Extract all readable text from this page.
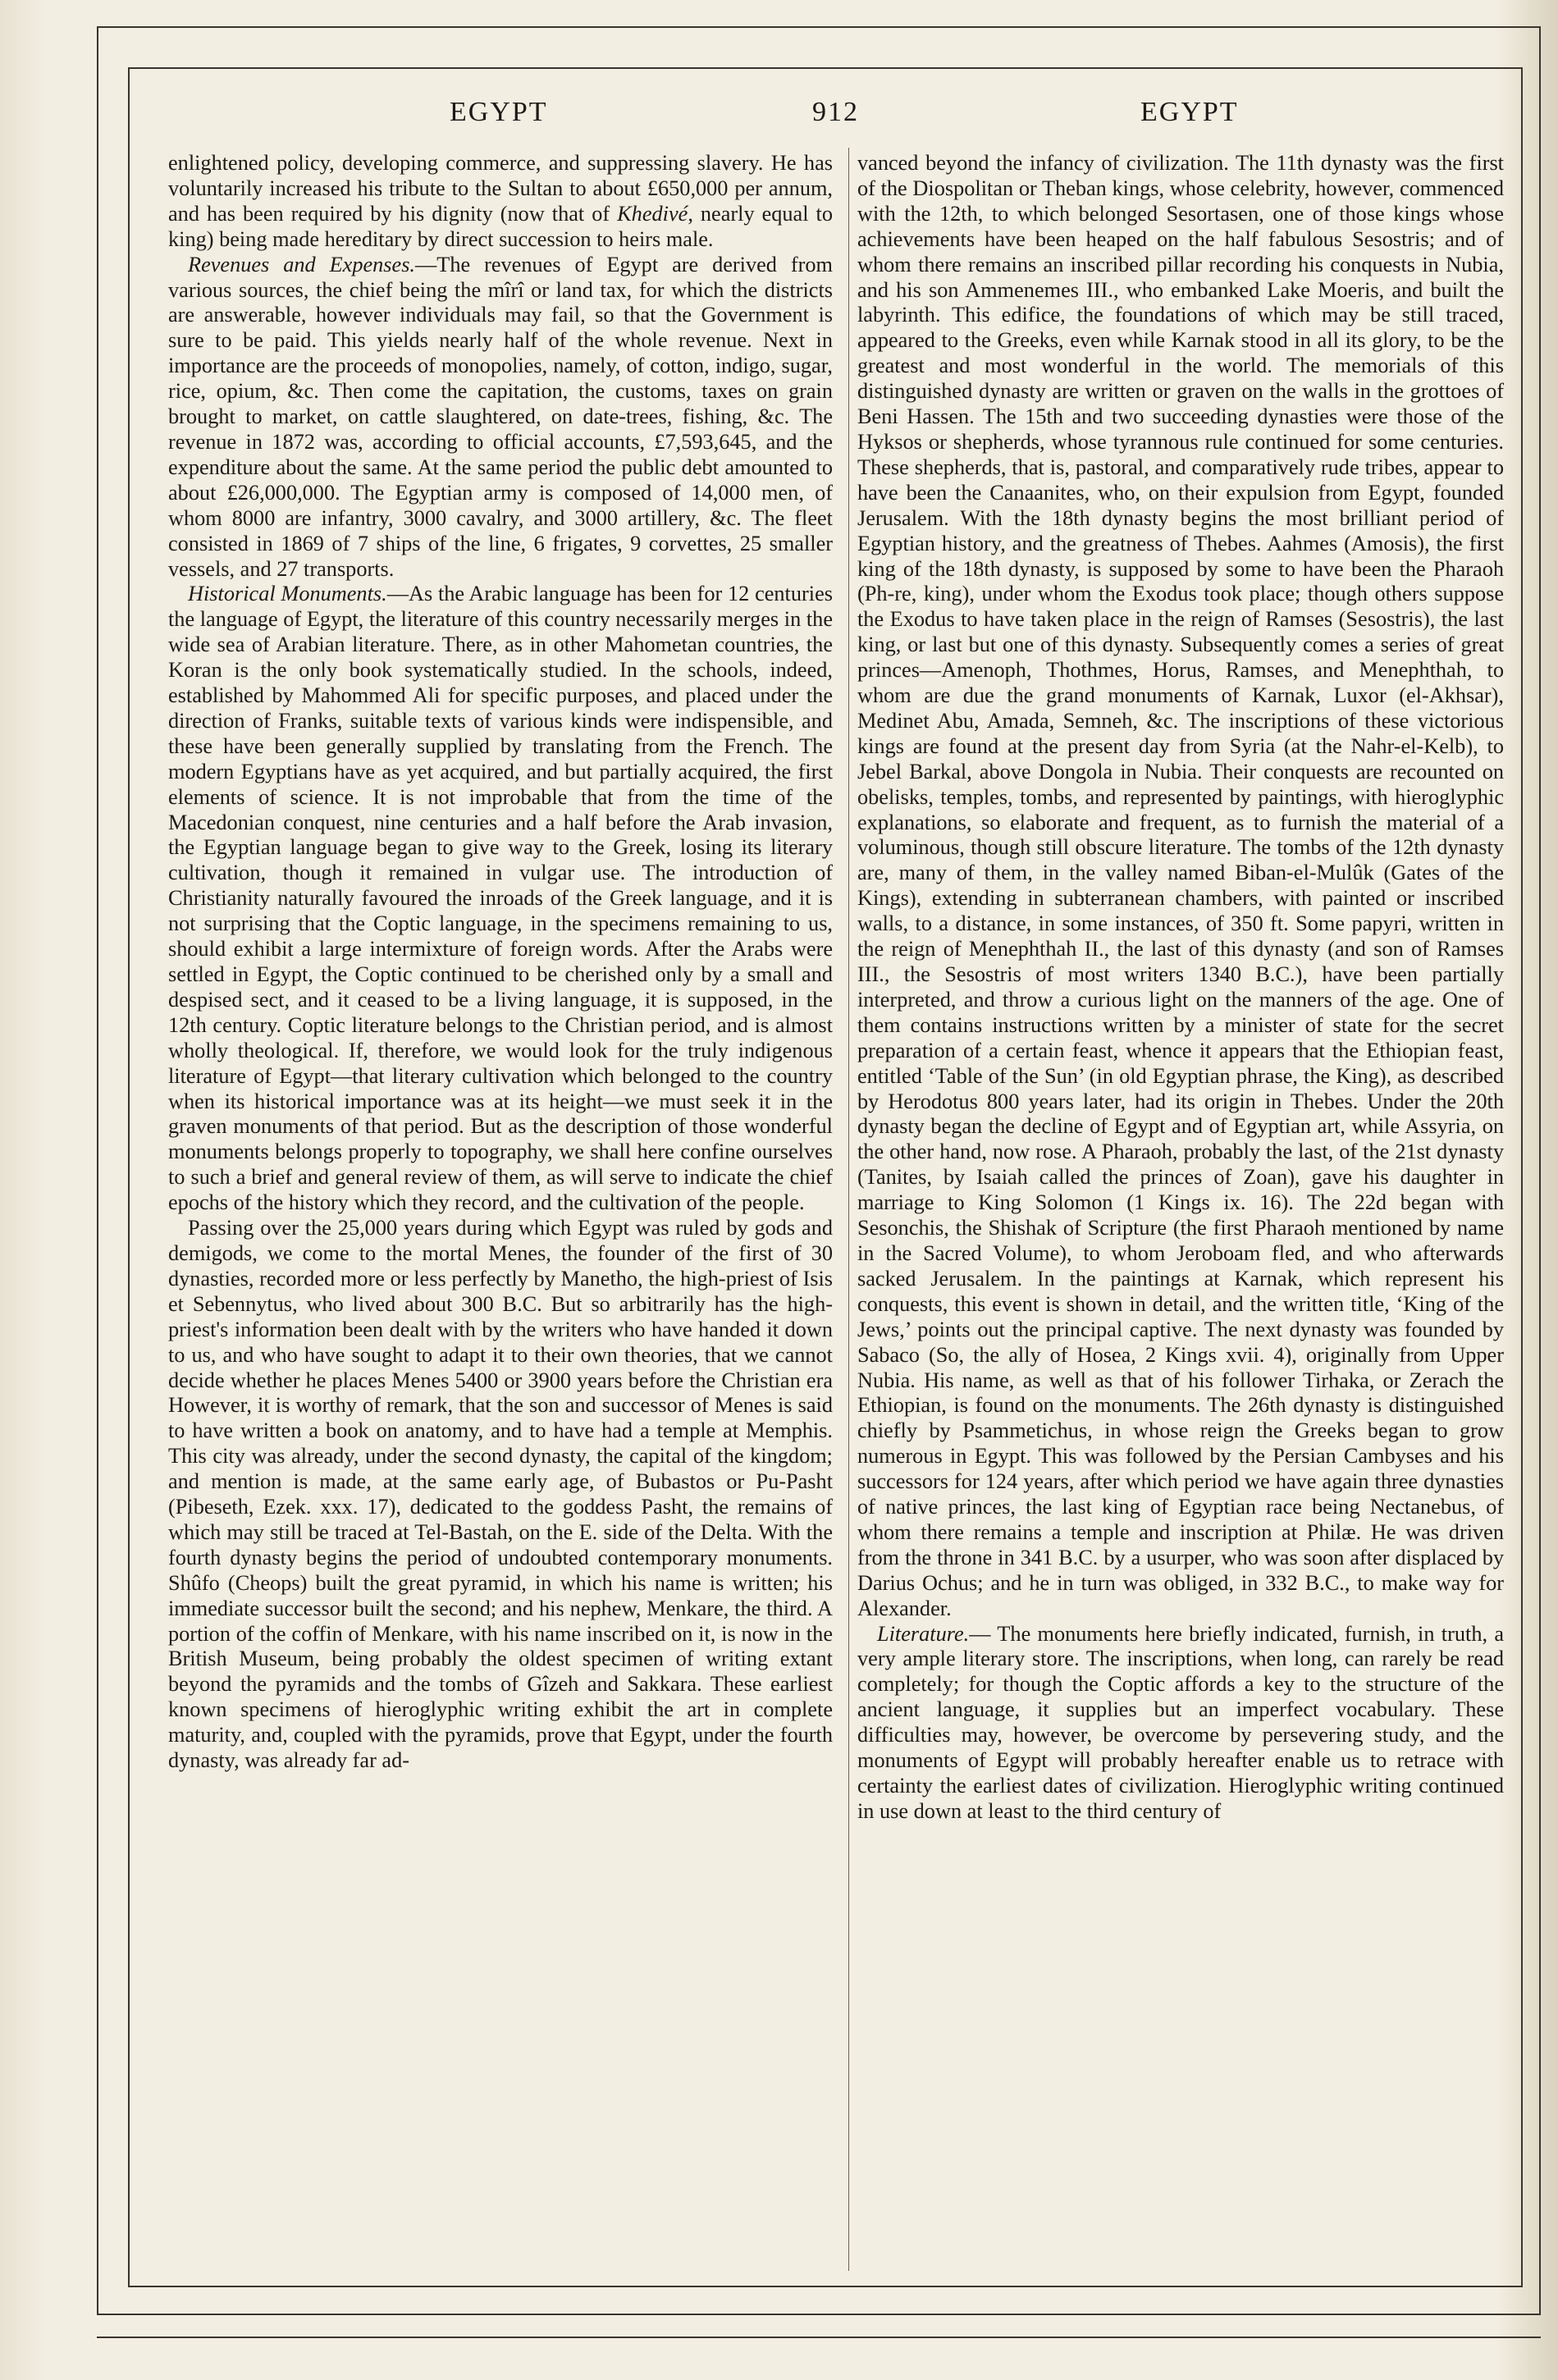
EGYPT	912	EGYPT

enlightened policy, developing commerce, and suppressing slavery. He has voluntarily increased his tribute to the Sultan to about £650,000 per annum, and has been required by his dignity (now that of Khedivé, nearly equal to king) being made hereditary by direct succession to heirs male.

Revenues and Expenses.—The revenues of Egypt are derived from various sources, the chief being the mîrî or land tax, for which the districts are answerable, however individuals may fail, so that the Government is sure to be paid. This yields nearly half of the whole revenue. Next in importance are the proceeds of monopolies, namely, of cotton, indigo, sugar, rice, opium, &c. Then come the capitation, the customs, taxes on grain brought to market, on cattle slaughtered, on date-trees, fishing, &c. The revenue in 1872 was, according to official accounts, £7,593,645, and the expenditure about the same. At the same period the public debt amounted to about £26,000,000. The Egyptian army is composed of 14,000 men, of whom 8000 are infantry, 3000 cavalry, and 3000 artillery, &c. The fleet consisted in 1869 of 7 ships of the line, 6 frigates, 9 corvettes, 25 smaller vessels, and 27 transports.

Historical Monuments.—As the Arabic language has been for 12 centuries the language of Egypt, the literature of this country necessarily merges in the wide sea of Arabian literature. There, as in other Mahometan countries, the Koran is the only book systematically studied. In the schools, indeed, established by Mahommed Ali for specific purposes, and placed under the direction of Franks, suitable texts of various kinds were indispensible, and these have been generally supplied by translating from the French. The modern Egyptians have as yet acquired, and but partially acquired, the first elements of science. It is not improbable that from the time of the Macedonian conquest, nine centuries and a half before the Arab invasion, the Egyptian language began to give way to the Greek, losing its literary cultivation, though it remained in vulgar use. The introduction of Christianity naturally favoured the inroads of the Greek language, and it is not surprising that the Coptic language, in the specimens remaining to us, should exhibit a large intermixture of foreign words. After the Arabs were settled in Egypt, the Coptic continued to be cherished only by a small and despised sect, and it ceased to be a living language, it is supposed, in the 12th century. Coptic literature belongs to the Christian period, and is almost wholly theological. If, therefore, we would look for the truly indigenous literature of Egypt—that literary cultivation which belonged to the country when its historical importance was at its height—we must seek it in the graven monuments of that period. But as the description of those wonderful monuments belongs properly to topography, we shall here confine ourselves to such a brief and general review of them, as will serve to indicate the chief epochs of the history which they record, and the cultivation of the people.

Passing over the 25,000 years during which Egypt was ruled by gods and demigods, we come to the mortal Menes, the founder of the first of 30 dynasties, recorded more or less perfectly by Manetho, the high-priest of Isis et Sebennytus, who lived about 300 B.C. But so arbitrarily has the high-priest's information been dealt with by the writers who have handed it down to us, and who have sought to adapt it to their own theories, that we cannot decide whether he places Menes 5400 or 3900 years before the Christian era However, it is worthy of remark, that the son and successor of Menes is said to have written a book on anatomy, and to have had a temple at Memphis. This city was already, under the second dynasty, the capital of the kingdom; and mention is made, at the same early age, of Bubastos or Pu-Pasht (Pibeseth, Ezek. xxx. 17), dedicated to the goddess Pasht, the remains of which may still be traced at Tel-Bastah, on the E. side of the Delta. With the fourth dynasty begins the period of undoubted contemporary monuments. Shûfo (Cheops) built the great pyramid, in which his name is written; his immediate successor built the second; and his nephew, Menkare, the third. A portion of the coffin of Menkare, with his name inscribed on it, is now in the British Museum, being probably the oldest specimen of writing extant beyond the pyramids and the tombs of Gîzeh and Sakkara. These earliest known specimens of hieroglyphic writing exhibit the art in complete maturity, and, coupled with the pyramids, prove that Egypt, under the fourth dynasty, was already far ad-

vanced beyond the infancy of civilization. The 11th dynasty was the first of the Diospolitan or Theban kings, whose celebrity, however, commenced with the 12th, to which belonged Sesortasen, one of those kings whose achievements have been heaped on the half fabulous Sesostris; and of whom there remains an inscribed pillar recording his conquests in Nubia, and his son Ammenemes III., who embanked Lake Moeris, and built the labyrinth. This edifice, the foundations of which may be still traced, appeared to the Greeks, even while Karnak stood in all its glory, to be the greatest and most wonderful in the world. The memorials of this distinguished dynasty are written or graven on the walls in the grottoes of Beni Hassen. The 15th and two succeeding dynasties were those of the Hyksos or shepherds, whose tyrannous rule continued for some centuries. These shepherds, that is, pastoral, and comparatively rude tribes, appear to have been the Canaanites, who, on their expulsion from Egypt, founded Jerusalem. With the 18th dynasty begins the most brilliant period of Egyptian history, and the greatness of Thebes. Aahmes (Amosis), the first king of the 18th dynasty, is supposed by some to have been the Pharaoh (Ph-re, king), under whom the Exodus took place; though others suppose the Exodus to have taken place in the reign of Ramses (Sesostris), the last king, or last but one of this dynasty. Subsequently comes a series of great princes—Amenoph, Thothmes, Horus, Ramses, and Menephthah, to whom are due the grand monuments of Karnak, Luxor (el-Akhsar), Medinet Abu, Amada, Semneh, &c. The inscriptions of these victorious kings are found at the present day from Syria (at the Nahr-el-Kelb), to Jebel Barkal, above Dongola in Nubia. Their conquests are recounted on obelisks, temples, tombs, and represented by paintings, with hieroglyphic explanations, so elaborate and frequent, as to furnish the material of a voluminous, though still obscure literature. The tombs of the 12th dynasty are, many of them, in the valley named Biban-el-Mulûk (Gates of the Kings), extending in subterranean chambers, with painted or inscribed walls, to a distance, in some instances, of 350 ft. Some papyri, written in the reign of Menephthah II., the last of this dynasty (and son of Ramses III., the Sesostris of most writers 1340 B.C.), have been partially interpreted, and throw a curious light on the manners of the age. One of them contains instructions written by a minister of state for the secret preparation of a certain feast, whence it appears that the Ethiopian feast, entitled ‘Table of the Sun’ (in old Egyptian phrase, the King), as described by Herodotus 800 years later, had its origin in Thebes. Under the 20th dynasty began the decline of Egypt and of Egyptian art, while Assyria, on the other hand, now rose. A Pharaoh, probably the last, of the 21st dynasty (Tanites, by Isaiah called the princes of Zoan), gave his daughter in marriage to King Solomon (1 Kings ix. 16). The 22d began with Sesonchis, the Shishak of Scripture (the first Pharaoh mentioned by name in the Sacred Volume), to whom Jeroboam fled, and who afterwards sacked Jerusalem. In the paintings at Karnak, which represent his conquests, this event is shown in detail, and the written title, ‘King of the Jews,’ points out the principal captive. The next dynasty was founded by Sabaco (So, the ally of Hosea, 2 Kings xvii. 4), originally from Upper Nubia. His name, as well as that of his follower Tirhaka, or Zerach the Ethiopian, is found on the monuments. The 26th dynasty is distinguished chiefly by Psammetichus, in whose reign the Greeks began to grow numerous in Egypt. This was followed by the Persian Cambyses and his successors for 124 years, after which period we have again three dynasties of native princes, the last king of Egyptian race being Nectanebus, of whom there remains a temple and inscription at Philæ. He was driven from the throne in 341 B.C. by a usurper, who was soon after displaced by Darius Ochus; and he in turn was obliged, in 332 B.C., to make way for Alexander.

Literature.— The monuments here briefly indicated, furnish, in truth, a very ample literary store. The inscriptions, when long, can rarely be read completely; for though the Coptic affords a key to the structure of the ancient language, it supplies but an imperfect vocabulary. These difficulties may, however, be overcome by persevering study, and the monuments of Egypt will probably hereafter enable us to retrace with certainty the earliest dates of civilization. Hieroglyphic writing continued in use down at least to the third century of
